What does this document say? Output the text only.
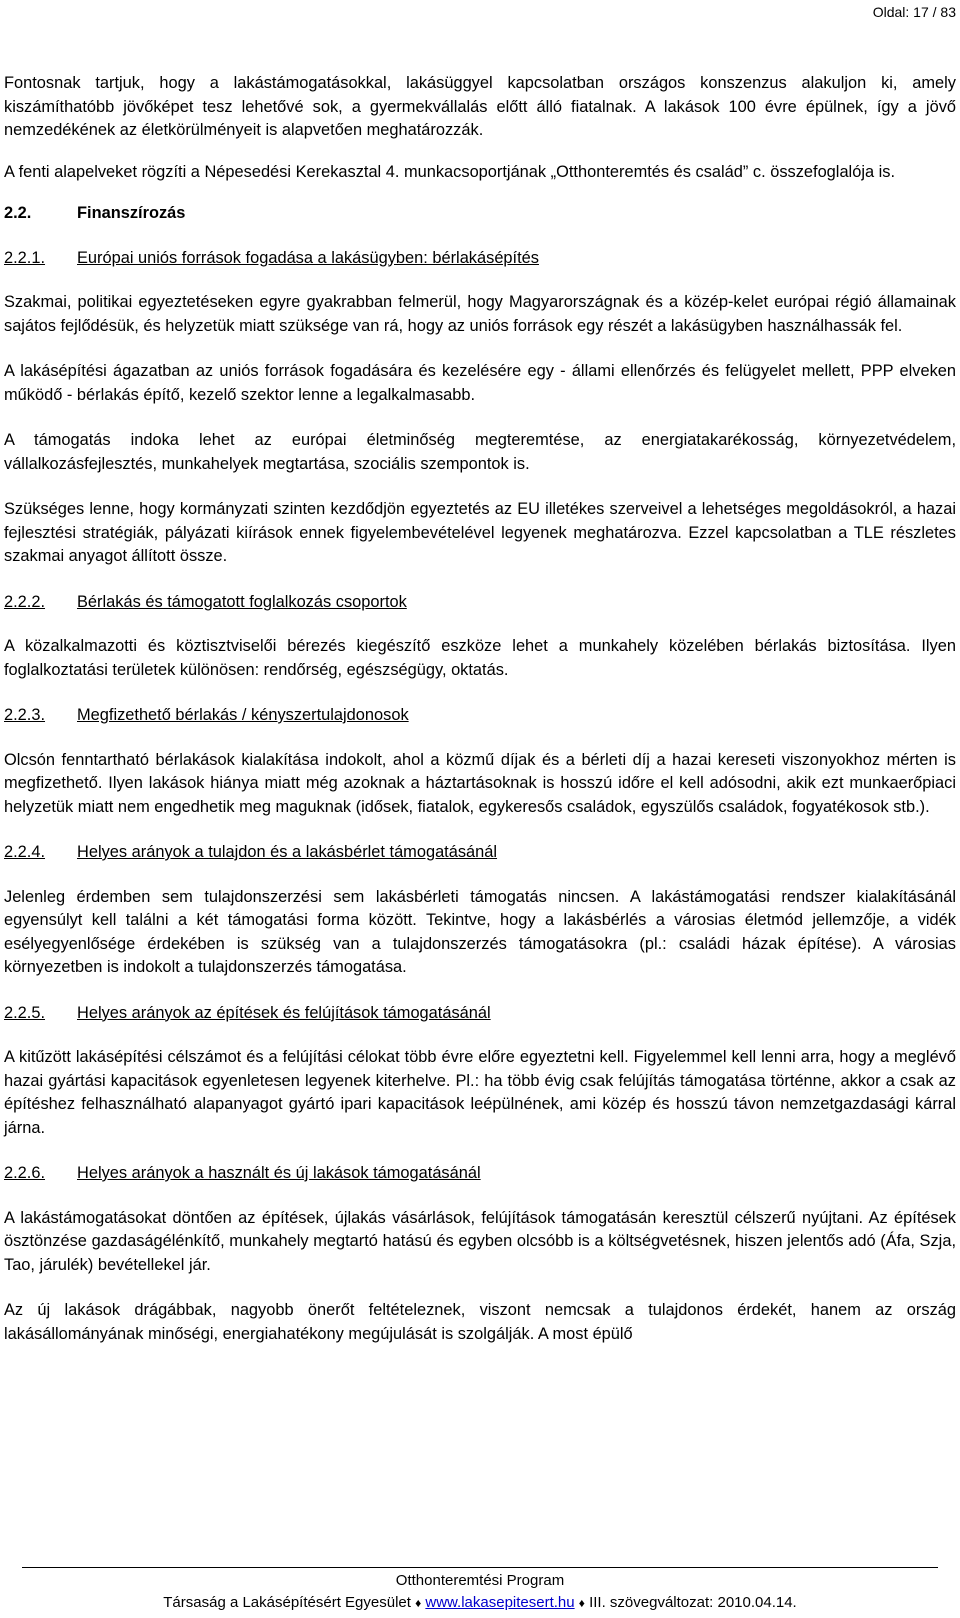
Oldal: 17 / 83

Fontosnak tartjuk, hogy a lakástámogatásokkal, lakásüggyel kapcsolatban országos konszenzus alakuljon ki, amely kiszámíthatóbb jövőképet tesz lehetővé sok, a gyermekvállalás előtt álló fiatalnak. A lakások 100 évre épülnek, így a jövő nemzedékének az életkörülményeit is alapvetően meghatározzák.

A fenti alapelveket rögzíti a Népesedési Kerekasztal 4. munkacsoportjának „Otthonteremtés és család” c. összefoglalója is.

2.2.	Finanszírozás
2.2.1.	Európai uniós források fogadása a lakásügyben: bérlakásépítés

Szakmai, politikai egyeztetéseken egyre gyakrabban felmerül, hogy Magyarországnak és a közép-kelet európai régió államainak sajátos fejlődésük, és helyzetük miatt szüksége van rá, hogy az uniós források egy részét a lakásügyben használhassák fel.

A lakásépítési ágazatban az uniós források fogadására és kezelésére egy - állami ellenőrzés és felügyelet mellett, PPP elveken működő - bérlakás építő, kezelő szektor lenne a legalkalmasabb.

A támogatás indoka lehet az európai életminőség megteremtése, az energiatakarékosság, környezetvédelem, vállalkozásfejlesztés, munkahelyek megtartása, szociális szempontok is.

Szükséges lenne, hogy kormányzati szinten kezdődjön egyeztetés az EU illetékes szerveivel a lehetséges megoldásokról, a hazai fejlesztési stratégiák, pályázati kiírások ennek figyelembevételével legyenek meghatározva. Ezzel kapcsolatban a TLE részletes szakmai anyagot állított össze.

2.2.2.	Bérlakás és támogatott foglalkozás csoportok

A közalkalmazotti és köztisztviselői bérezés kiegészítő eszköze lehet a munkahely közelében bérlakás biztosítása. Ilyen foglalkoztatási területek különösen: rendőrség, egészségügy, oktatás.

2.2.3.	Megfizethető bérlakás / kényszertulajdonosok

Olcsón fenntartható bérlakások kialakítása indokolt, ahol a közmű díjak és a bérleti díj a hazai kereseti viszonyokhoz mérten is megfizethető. Ilyen lakások hiánya miatt még azoknak a háztartásoknak is hosszú időre el kell adósodni, akik ezt munkaerőpiaci helyzetük miatt nem engedhetik meg maguknak (idősek, fiatalok, egykeresős családok, egyszülős családok, fogyatékosok stb.).

2.2.4.	Helyes arányok a tulajdon és a lakásbérlet támogatásánál

Jelenleg érdemben sem tulajdonszerzési sem lakásbérleti támogatás nincsen. A lakástámogatási rendszer kialakításánál egyensúlyt kell találni a két támogatási forma között. Tekintve, hogy a lakásbérlés a városias életmód jellemzője, a vidék esélyegyenlősége érdekében is szükség van a tulajdonszerzés támogatásokra (pl.: családi házak építése). A városias környezetben is indokolt a tulajdonszerzés támogatása.

2.2.5.	Helyes arányok az építések és felújítások támogatásánál

A kitűzött lakásépítési célszámot és a felújítási célokat több évre előre egyeztetni kell. Figyelemmel kell lenni arra, hogy a meglévő hazai gyártási kapacitások egyenletesen legyenek kiterhelve. Pl.: ha több évig csak felújítás támogatása történne, akkor a csak az építéshez felhasználható alapanyagot gyártó ipari kapacitások leépülnének, ami közép és hosszú távon nemzetgazdasági kárral járna.

2.2.6.	Helyes arányok a használt és új lakások támogatásánál

A lakástámogatásokat döntően az építések, újlakás vásárlások, felújítások támogatásán keresztül célszerű nyújtani. Az építések ösztönzése gazdaságélénkítő, munkahely megtartó hatású és egyben olcsóbb is a költségvetésnek, hiszen jelentős adó (Áfa, Szja, Tao, járulék) bevétellekel jár.

Az új lakások drágábbak, nagyobb önerőt feltételeznek, viszont nemcsak a tulajdonos érdekét, hanem az ország lakásállományának minőségi, energiahatékony megújulását is szolgálják. A most épülő

Otthonteremtési Program
Társaság a Lakásépítésért Egyesület ♦ www.lakasepitesert.hu ♦ III. szövegváltozat: 2010.04.14.
